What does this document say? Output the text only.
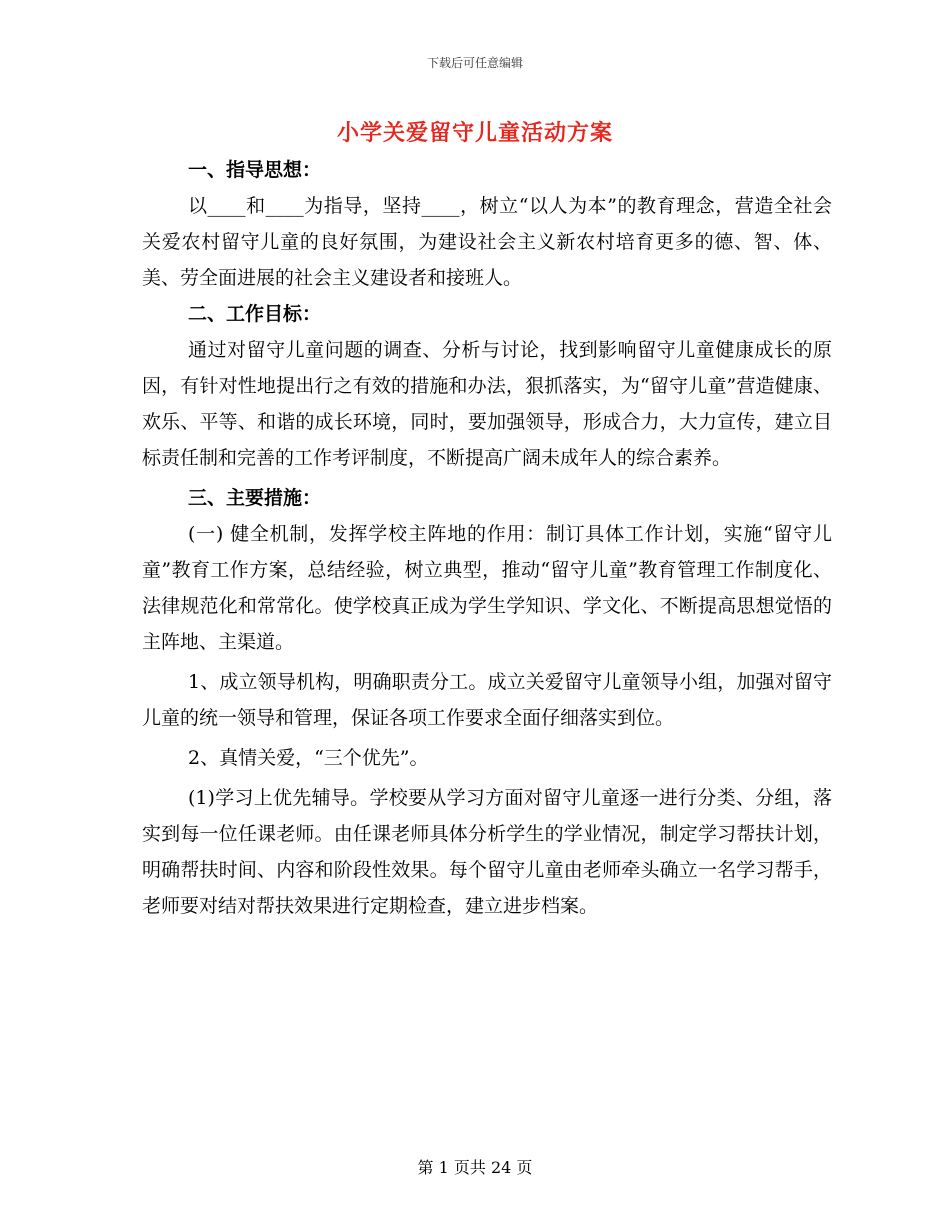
下载后可任意编辑
小学关爱留守儿童活动方案

一、指导思想：

以____和____为指导，坚持____，树立“以人为本”的教育理念，营造全社会关爱农村留守儿童的良好氛围，为建设社会主义新农村培育更多的德、智、体、美、劳全面进展的社会主义建设者和接班人。

二、工作目标：

通过对留守儿童问题的调查、分析与讨论，找到影响留守儿童健康成长的原因，有针对性地提出行之有效的措施和办法，狠抓落实，为“留守儿童”营造健康、欢乐、平等、和谐的成长环境，同时，要加强领导，形成合力，大力宣传，建立目标责任制和完善的工作考评制度，不断提高广阔未成年人的综合素养。

三、主要措施：

(一) 健全机制，发挥学校主阵地的作用：制订具体工作计划，实施“留守儿童”教育工作方案，总结经验，树立典型，推动“留守儿童”教育管理工作制度化、法律规范化和常常化。使学校真正成为学生学知识、学文化、不断提高思想觉悟的主阵地、主渠道。

1、成立领导机构，明确职责分工。成立关爱留守儿童领导小组，加强对留守儿童的统一领导和管理，保证各项工作要求全面仔细落实到位。

2、真情关爱，“三个优先”。

(1)学习上优先辅导。学校要从学习方面对留守儿童逐一进行分类、分组，落实到每一位任课老师。由任课老师具体分析学生的学业情况，制定学习帮扶计划，明确帮扶时间、内容和阶段性效果。每个留守儿童由老师牵头确立一名学习帮手，老师要对结对帮扶效果进行定期检查，建立进步档案。

第 1 页共 24 页
